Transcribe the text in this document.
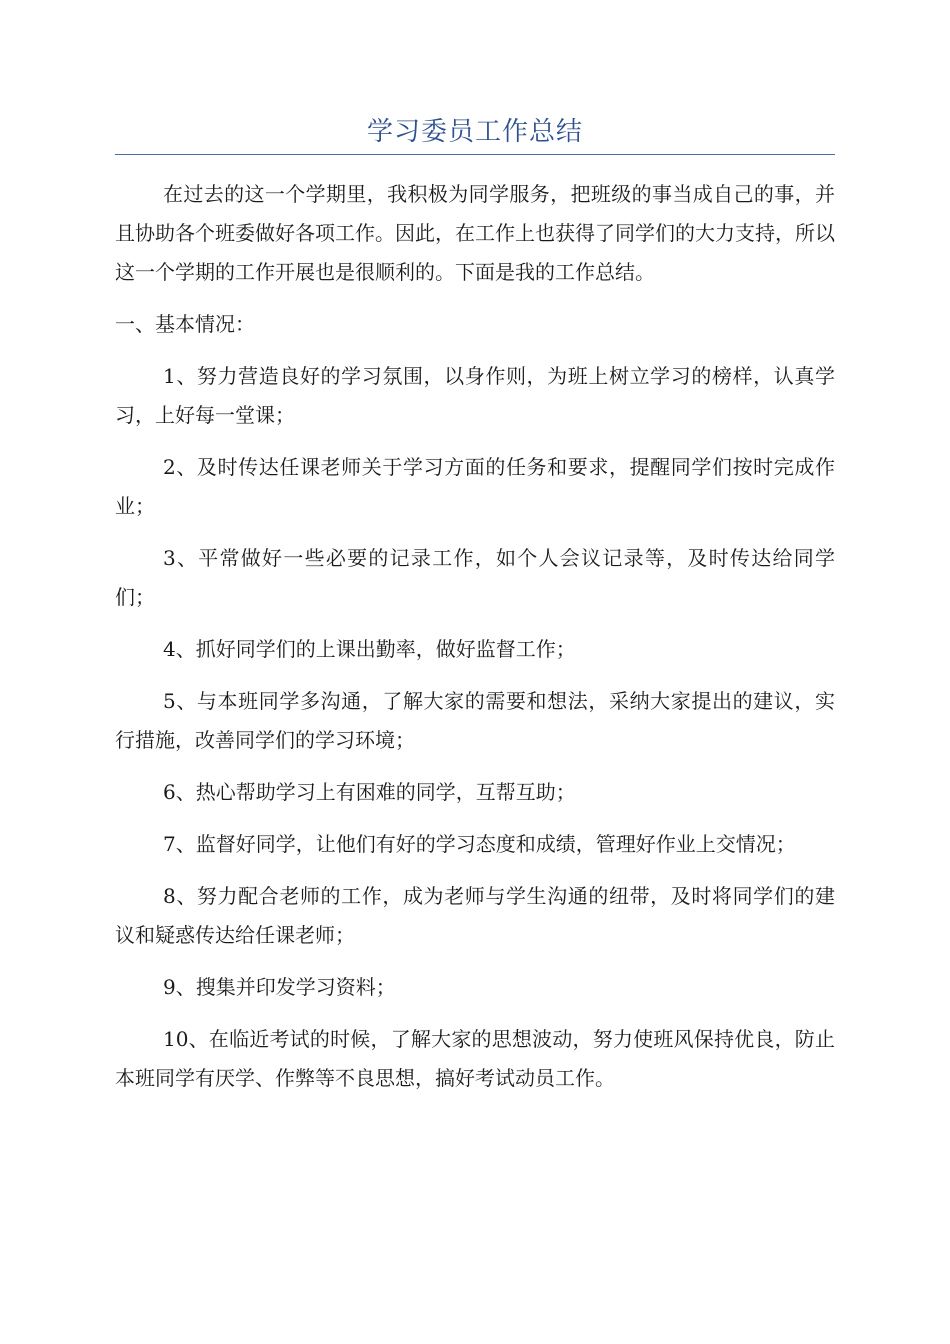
学习委员工作总结

在过去的这一个学期里，我积极为同学服务，把班级的事当成自己的事，并且协助各个班委做好各项工作。因此，在工作上也获得了同学们的大力支持，所以这一个学期的工作开展也是很顺利的。下面是我的工作总结。

一、基本情况：

1、努力营造良好的学习氛围，以身作则，为班上树立学习的榜样，认真学习，上好每一堂课；

2、及时传达任课老师关于学习方面的任务和要求，提醒同学们按时完成作业；

3、平常做好一些必要的记录工作，如个人会议记录等，及时传达给同学们；

4、抓好同学们的上课出勤率，做好监督工作；

5、与本班同学多沟通，了解大家的需要和想法，采纳大家提出的建议，实行措施，改善同学们的学习环境；

6、热心帮助学习上有困难的同学，互帮互助；

7、监督好同学，让他们有好的学习态度和成绩，管理好作业上交情况；

8、努力配合老师的工作，成为老师与学生沟通的纽带，及时将同学们的建议和疑惑传达给任课老师；

9、搜集并印发学习资料；

10、在临近考试的时候，了解大家的思想波动，努力使班风保持优良，防止本班同学有厌学、作弊等不良思想，搞好考试动员工作。
